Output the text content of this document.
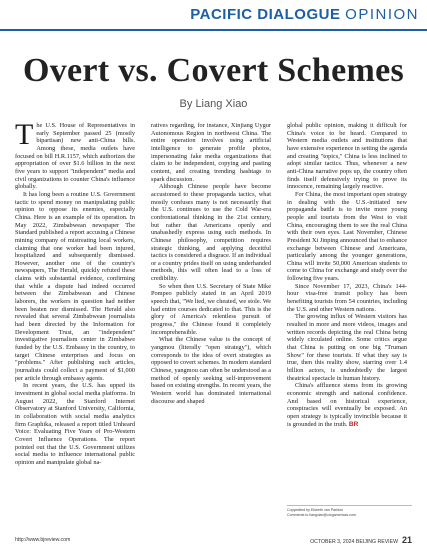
PACIFIC DIALOGUE OPINION
Overt vs. Covert Schemes
By Liang Xiao

The U.S. House of Representatives in early September passed 25 (mostly bipartisan) new anti-China bills. Among these, media outlets have focused on bill H.R.1157, which authorizes the appropriation of over $1.6 billion in the next five years to support "independent" media and civil organizations to counter China's influence globally.

It has long been a routine U.S. Government tactic to spend money on manipulating public opinion to oppose its enemies, especially China. Here is an example of its operation. In May 2022, Zimbabwean newspaper The Standard published a report accusing a Chinese mining company of mistreating local workers, claiming that one worker had been injured, hospitalized and subsequently dismissed. However, another one of the country's newspapers, The Herald, quickly refuted these claims with substantial evidence, confirming that while a dispute had indeed occurred between the Zimbabwean and Chinese laborers, the workers in question had neither been beaten nor dismissed. The Herald also revealed that several Zimbabwean journalists had been directed by the Information for Development Trust, an "independent" investigative journalism center in Zimbabwe funded by the U.S. Embassy in the country, to target Chinese enterprises and focus on "problems." After publishing such articles, journalists could collect a payment of $1,000 per article through embassy agents.

In recent years, the U.S. has upped its investment in global social media platforms. In August 2022, the Stanford Internet Observatory at Stanford University, California, in collaboration with social media analytics firm Graphika, released a report titled Unheard Voice: Evaluating Five Years of Pro-Western Covert Influence Operations. The report pointed out that the U.S. Government utilizes social media to influence international public opinion and manipulate global na-

ratives regarding, for instance, Xinjiang Uygur Autonomous Region in northwest China. The entire operation involves using artificial intelligence to generate profile photos, impersonating fake media organizations that claim to be independent, copying and pasting content, and creating trending hashtags to spark discussion.

Although Chinese people have become accustomed to these propaganda tactics, what mostly confuses many is not necessarily that the U.S. continues to use the Cold War-era confrontational thinking in the 21st century, but rather that Americans openly and unabashedly express using such methods. In Chinese philosophy, competition requires strategic thinking, and applying deceitful tactics is considered a disgrace. If an individual or a country prides itself on using underhanded methods, this will often lead to a loss of credibility.

So when then U.S. Secretary of State Mike Pompeo publicly stated in an April 2019 speech that, "We lied, we cheated, we stole. We had entire courses dedicated to that. This is the glory of America's relentless pursuit of progress," the Chinese found it completely incomprehensible.

What the Chinese value is the concept of yangmou (literally "open strategy"), which corresponds to the idea of overt strategies as opposed to covert schemes. In modern standard Chinese, yangmou can often be understood as a method of openly seeking self-improvement based on existing strengths. In recent years, the Western world has dominated international discourse and shaped

global public opinion, making it difficult for China's voice to be heard. Compared to Western media outlets and institutions that have extensive experience in setting the agenda and creating "topics," China is less inclined to adopt similar tactics. Thus, whenever a new anti-China narrative pops up, the country often finds itself defensively trying to prove its innocence, remaining largely reactive.

For China, the most important open strategy in dealing with the U.S.-initiated new propaganda battle is to invite more young people and tourists from the West to visit China, encouraging them to see the real China with their own eyes. Last November, Chinese President Xi Jinping announced that to enhance exchange between Chinese and Americans, particularly among the younger generations, China will invite 50,000 American students to come to China for exchange and study over the following five years.

Since November 17, 2023, China's 144-hour visa-free transit policy has been benefiting tourists from 54 countries, including the U.S. and other Western nations.

The growing influx of Western visitors has resulted in more and more videos, images and written records depicting the real China being widely circulated online. Some critics argue that China is putting on one big "Truman Show" for these tourists. If what they say is true, then this reality show, starring over 1.4 billion actors, is undoubtedly the largest theatrical spectacle in human history.

China's affluence stems from its growing economic strength and national confidence. And based on historical experience, conspiracies will eventually be exposed. An open strategy is typically invincible because it is grounded in the truth. BR

Copyedited by Elsbeth van Paridon
Comments to liangxiao@cicgamericas.com
http://www.bjreview.com	OCTOBER 3, 2024 BEIJING REVIEW 21
